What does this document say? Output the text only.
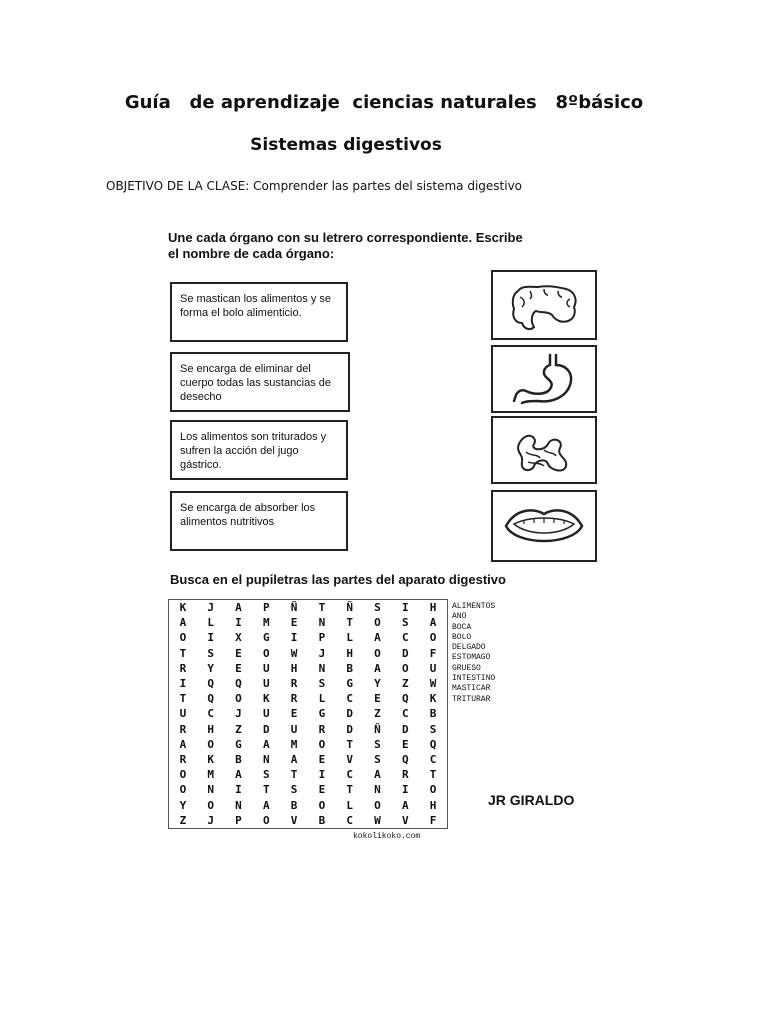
Guía   de aprendizaje  ciencias naturales   8ºbásico
Sistemas digestivos
OBJETIVO DE LA CLASE: Comprender las partes del sistema digestivo
Une cada órgano con su letrero correspondiente. Escribe el nombre de cada órgano:
Se mastican los alimentos y se forma el bolo alimenticio.
Se encarga de eliminar del cuerpo todas las sustancias de desecho
Los alimentos son triturados y sufren la acción del jugo gástrico.
Se encarga de absorber los alimentos nutritivos
Busca en el pupiletras las partes del aparato digestivo
K	J	A	P	Ñ	T	Ñ	S	I	H
A	L	I	M	E	N	T	O	S	A
O	I	X	G	I	P	L	A	C	O
T	S	E	O	W	J	H	O	D	F
R	Y	E	U	H	N	B	A	O	U
I	Q	Q	U	R	S	G	Y	Z	W
T	Q	O	K	R	L	C	E	Q	K
U	C	J	U	E	G	D	Z	C	B
R	H	Z	D	U	R	D	Ñ	D	S
A	O	G	A	M	O	T	S	E	Q
R	K	B	N	A	E	V	S	Q	C
O	M	A	S	T	I	C	A	R	T
O	N	I	T	S	E	T	N	I	O
Y	O	N	A	B	O	L	O	A	H
Z	J	P	O	V	B	C	W	V	F
ALIMENTOS
ANO
BOCA
BOLO
DELGADO
ESTOMAGO
GRUESO
INTESTINO
MASTICAR
TRITURAR
kokolikoko.com
JR GIRALDO
